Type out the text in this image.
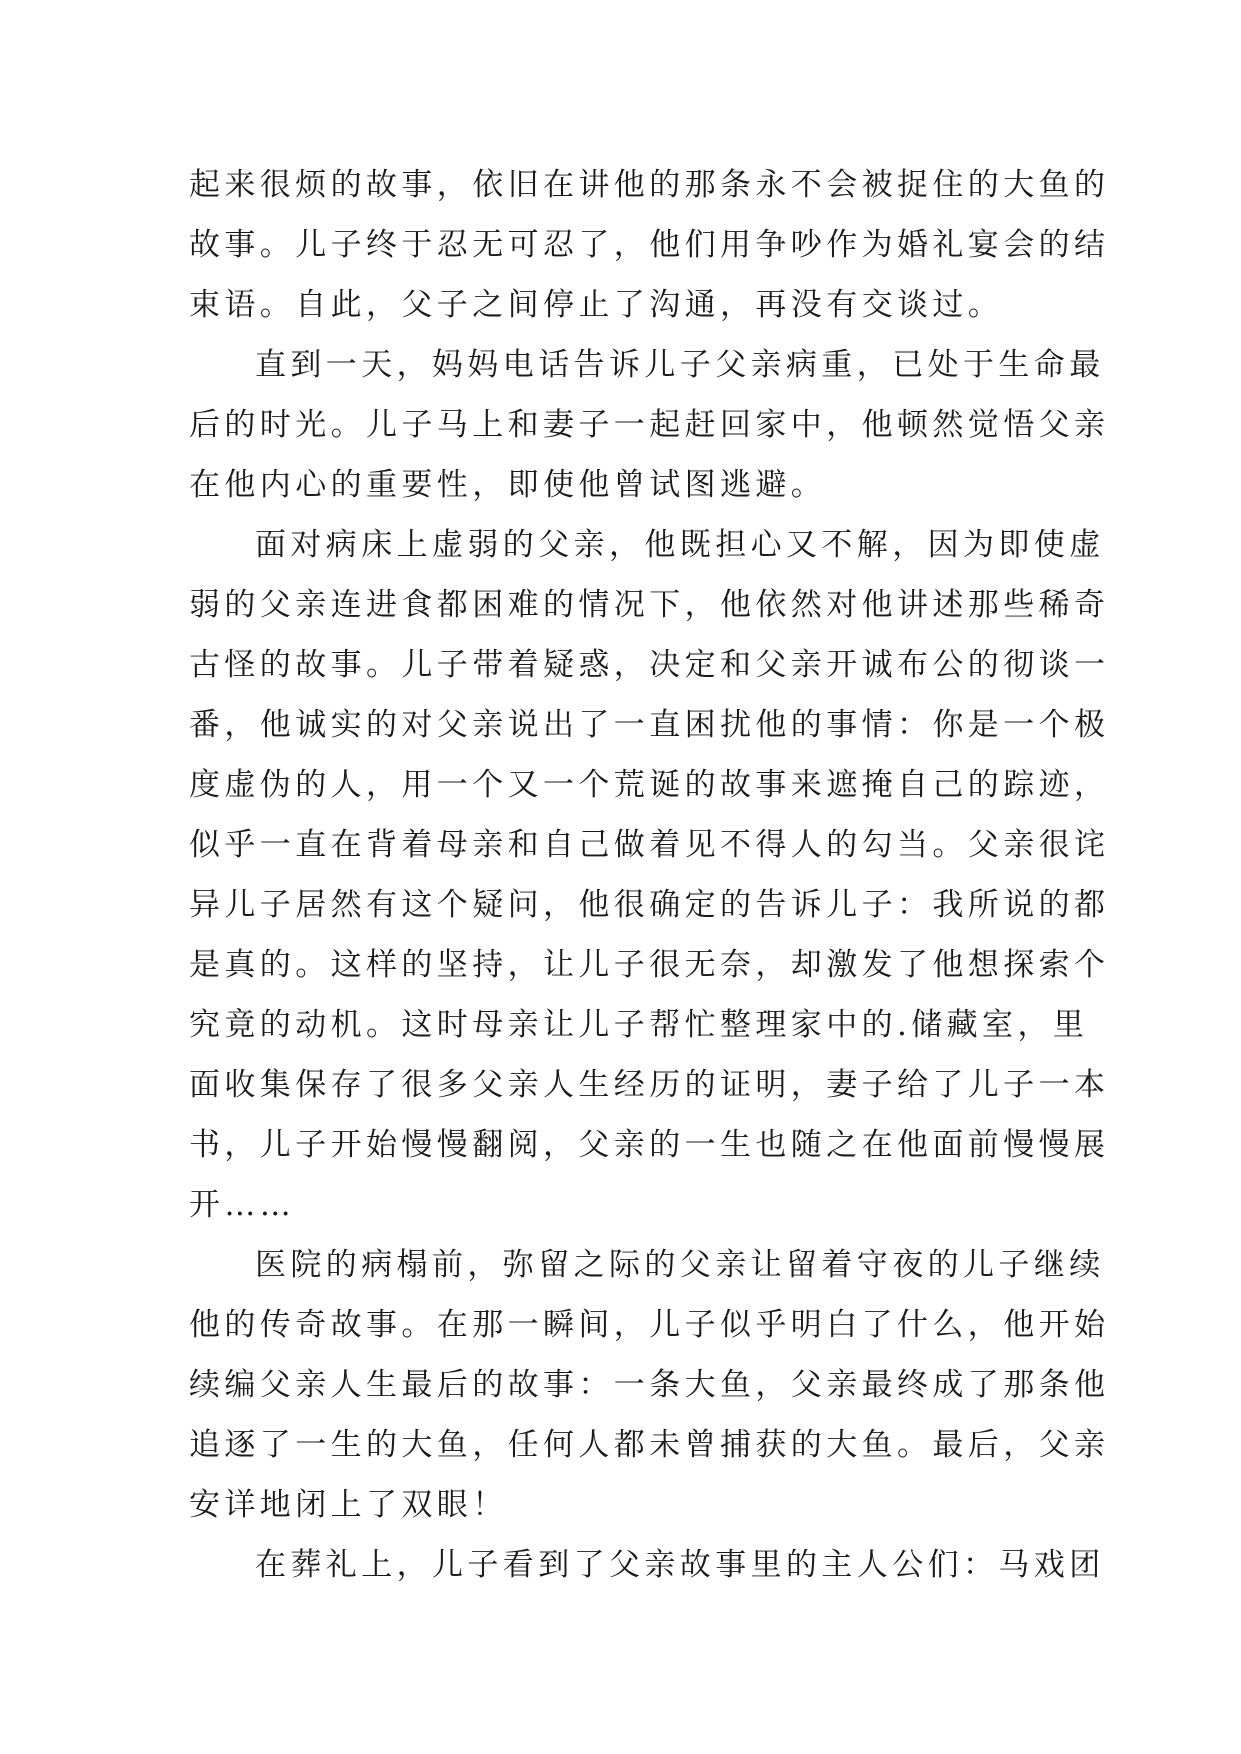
起来很烦的故事，依旧在讲他的那条永不会被捉住的大鱼的
故事。儿子终于忍无可忍了，他们用争吵作为婚礼宴会的结
束语。自此，父子之间停止了沟通，再没有交谈过。
直到一天，妈妈电话告诉儿子父亲病重，已处于生命最
后的时光。儿子马上和妻子一起赶回家中，他顿然觉悟父亲
在他内心的重要性，即使他曾试图逃避。
面对病床上虚弱的父亲，他既担心又不解，因为即使虚
弱的父亲连进食都困难的情况下，他依然对他讲述那些稀奇
古怪的故事。儿子带着疑惑，决定和父亲开诚布公的彻谈一
番，他诚实的对父亲说出了一直困扰他的事情：你是一个极
度虚伪的人，用一个又一个荒诞的故事来遮掩自己的踪迹，
似乎一直在背着母亲和自己做着见不得人的勾当。父亲很诧
异儿子居然有这个疑问，他很确定的告诉儿子：我所说的都
是真的。这样的坚持，让儿子很无奈，却激发了他想探索个
究竟的动机。这时母亲让儿子帮忙整理家中的.储藏室，里
面收集保存了很多父亲人生经历的证明，妻子给了儿子一本
书，儿子开始慢慢翻阅，父亲的一生也随之在他面前慢慢展
开……
医院的病榻前，弥留之际的父亲让留着守夜的儿子继续
他的传奇故事。在那一瞬间，儿子似乎明白了什么，他开始
续编父亲人生最后的故事：一条大鱼，父亲最终成了那条他
追逐了一生的大鱼，任何人都未曾捕获的大鱼。最后，父亲
安详地闭上了双眼！
在葬礼上，儿子看到了父亲故事里的主人公们：马戏团
